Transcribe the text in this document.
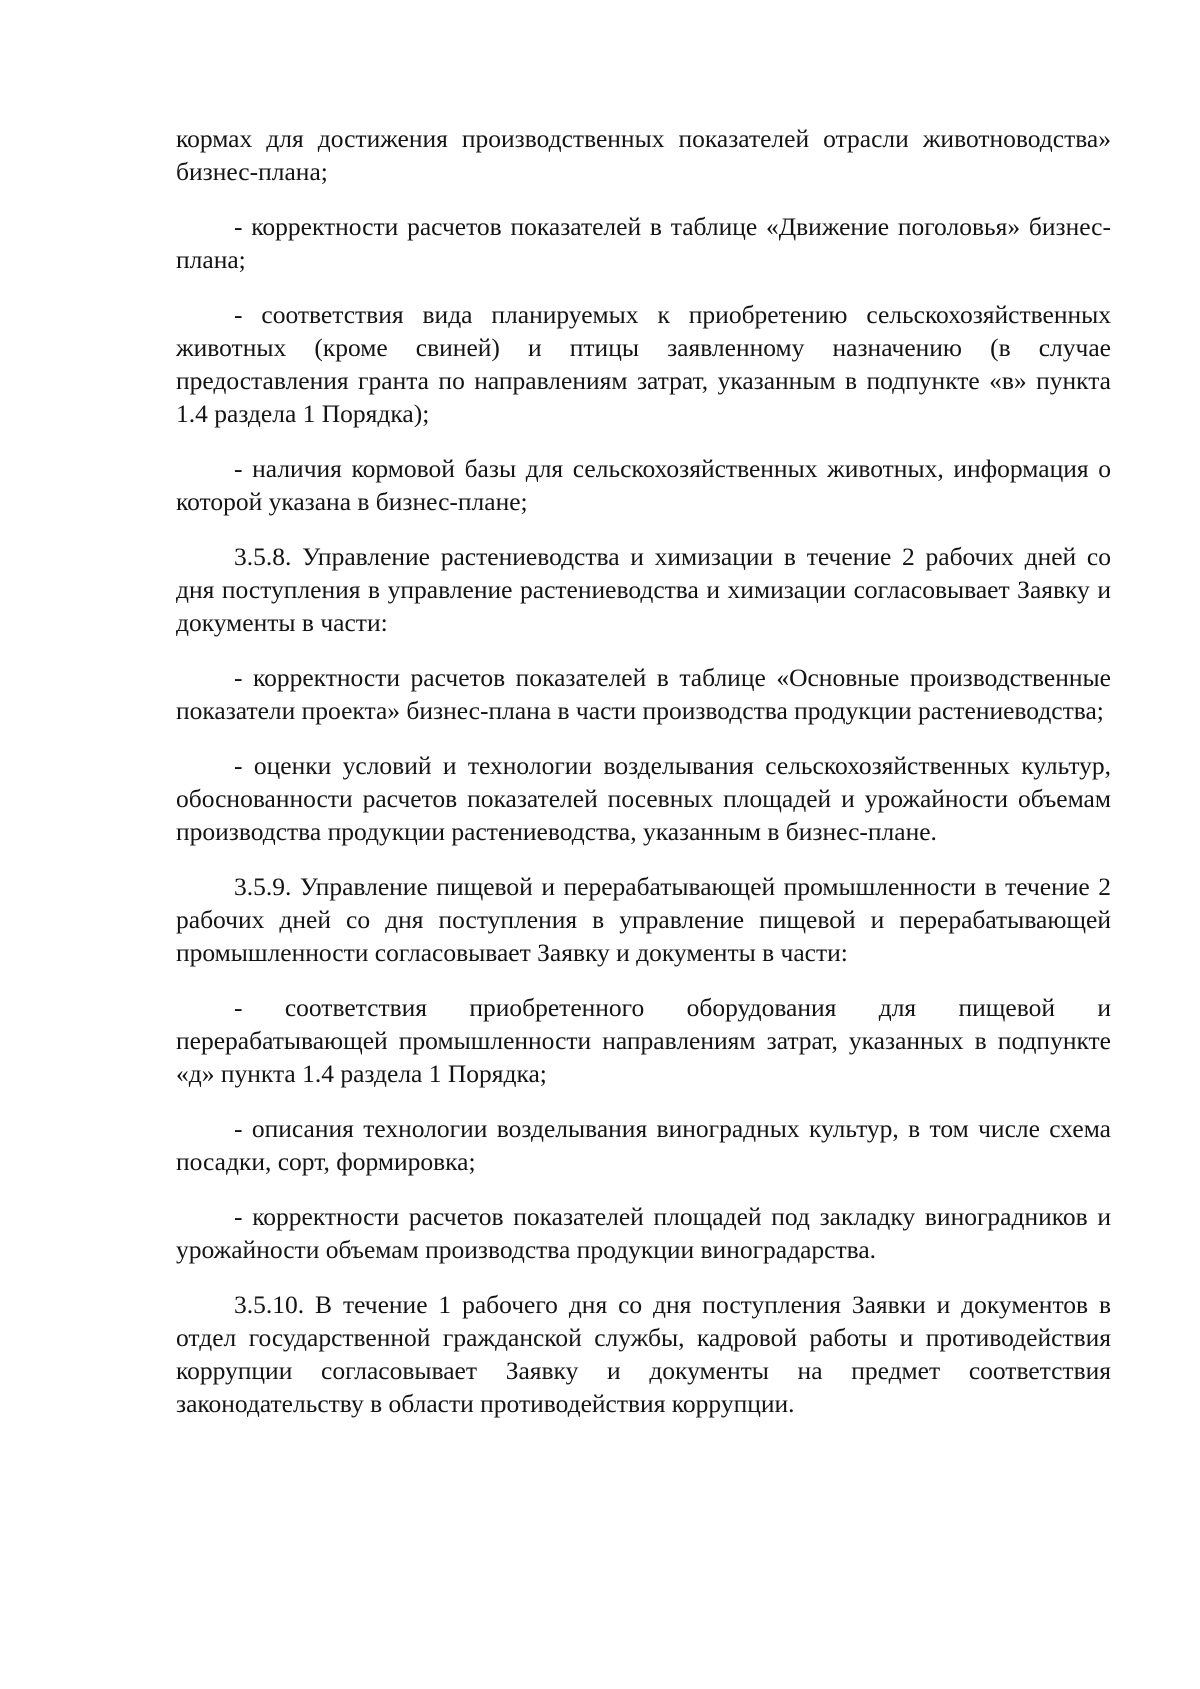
кормах для достижения производственных показателей отрасли животноводства» бизнес-плана;

- корректности расчетов показателей в таблице «Движение поголовья» бизнес-плана;

- соответствия вида планируемых к приобретению сельскохозяйственных животных (кроме свиней) и птицы заявленному назначению (в случае предоставления гранта по направлениям затрат, указанным в подпункте «в» пункта 1.4 раздела 1 Порядка);

- наличия кормовой базы для сельскохозяйственных животных, информация о которой указана в бизнес-плане;

3.5.8. Управление растениеводства и химизации в течение 2 рабочих дней со дня поступления в управление растениеводства и химизации согласовывает Заявку и документы в части:

- корректности расчетов показателей в таблице «Основные производственные показатели проекта» бизнес-плана в части производства продукции растениеводства;

- оценки условий и технологии возделывания сельскохозяйственных культур, обоснованности расчетов показателей посевных площадей и урожайности объемам производства продукции растениеводства, указанным в бизнес-плане.

3.5.9. Управление пищевой и перерабатывающей промышленности в течение 2 рабочих дней со дня поступления в управление пищевой и перерабатывающей промышленности согласовывает Заявку и документы в части:

- соответствия приобретенного оборудования для пищевой и перерабатывающей промышленности направлениям затрат, указанных в подпункте «д» пункта 1.4 раздела 1 Порядка;

- описания технологии возделывания виноградных культур, в том числе схема посадки, сорт, формировка;

- корректности расчетов показателей площадей под закладку виноградников и урожайности объемам производства продукции виноградарства.

3.5.10. В течение 1 рабочего дня со дня поступления Заявки и документов в отдел государственной гражданской службы, кадровой работы и противодействия коррупции согласовывает Заявку и документы на предмет соответствия законодательству в области противодействия коррупции.
